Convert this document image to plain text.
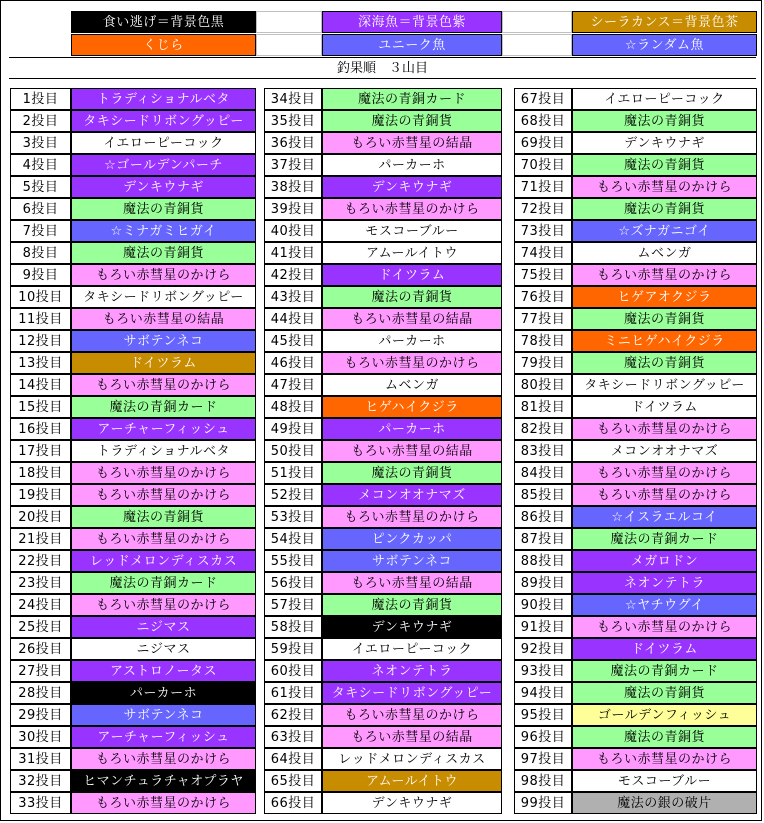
食い逃げ＝背景色黒	深海魚＝背景色紫	シーラカンス＝背景色茶
くじら	ユニーク魚	☆ランダム魚
釣果順　３山目
1投目	トラディショナルベタ
2投目	タキシードリボングッピー
3投目	イエローピーコック
4投目	☆ゴールデンパーチ
5投目	デンキウナギ
6投目	魔法の青銅貨
7投目	☆ミナガミヒガイ
8投目	魔法の青銅貨
9投目	もろい赤彗星のかけら
10投目	タキシードリボングッピー
11投目	もろい赤彗星の結晶
12投目	サボテンネコ
13投目	ドイツラム
14投目	もろい赤彗星のかけら
15投目	魔法の青銅カード
16投目	アーチャーフィッシュ
17投目	トラディショナルベタ
18投目	もろい赤彗星のかけら
19投目	もろい赤彗星のかけら
20投目	魔法の青銅貨
21投目	もろい赤彗星のかけら
22投目	レッドメロンディスカス
23投目	魔法の青銅カード
24投目	もろい赤彗星のかけら
25投目	ニジマス
26投目	ニジマス
27投目	アストロノータス
28投目	パーカーホ
29投目	サボテンネコ
30投目	アーチャーフィッシュ
31投目	もろい赤彗星のかけら
32投目	ヒマンチュラチャオプラヤ
33投目	もろい赤彗星のかけら
34投目	魔法の青銅カード
35投目	魔法の青銅貨
36投目	もろい赤彗星の結晶
37投目	パーカーホ
38投目	デンキウナギ
39投目	もろい赤彗星のかけら
40投目	モスコーブルー
41投目	アムールイトウ
42投目	ドイツラム
43投目	魔法の青銅貨
44投目	もろい赤彗星の結晶
45投目	パーカーホ
46投目	もろい赤彗星のかけら
47投目	ムベンガ
48投目	ヒゲハイクジラ
49投目	パーカーホ
50投目	もろい赤彗星の結晶
51投目	魔法の青銅貨
52投目	メコンオオナマズ
53投目	もろい赤彗星のかけら
54投目	ピンクカッパ
55投目	サボテンネコ
56投目	もろい赤彗星の結晶
57投目	魔法の青銅貨
58投目	デンキウナギ
59投目	イエローピーコック
60投目	ネオンテトラ
61投目	タキシードリボングッピー
62投目	もろい赤彗星のかけら
63投目	もろい赤彗星の結晶
64投目	レッドメロンディスカス
65投目	アムールイトウ
66投目	デンキウナギ
67投目	イエローピーコック
68投目	魔法の青銅貨
69投目	デンキウナギ
70投目	魔法の青銅貨
71投目	もろい赤彗星のかけら
72投目	魔法の青銅貨
73投目	☆ズナガニゴイ
74投目	ムベンガ
75投目	もろい赤彗星のかけら
76投目	ヒゲアオクジラ
77投目	魔法の青銅貨
78投目	ミニヒゲハイクジラ
79投目	魔法の青銅貨
80投目	タキシードリボングッピー
81投目	ドイツラム
82投目	もろい赤彗星のかけら
83投目	メコンオオナマズ
84投目	もろい赤彗星のかけら
85投目	もろい赤彗星のかけら
86投目	☆イスラエルコイ
87投目	魔法の青銅カード
88投目	メガロドン
89投目	ネオンテトラ
90投目	☆ヤチウグイ
91投目	もろい赤彗星のかけら
92投目	ドイツラム
93投目	魔法の青銅カード
94投目	魔法の青銅貨
95投目	ゴールデンフィッシュ
96投目	魔法の青銅貨
97投目	もろい赤彗星のかけら
98投目	モスコーブルー
99投目	魔法の銀の破片
